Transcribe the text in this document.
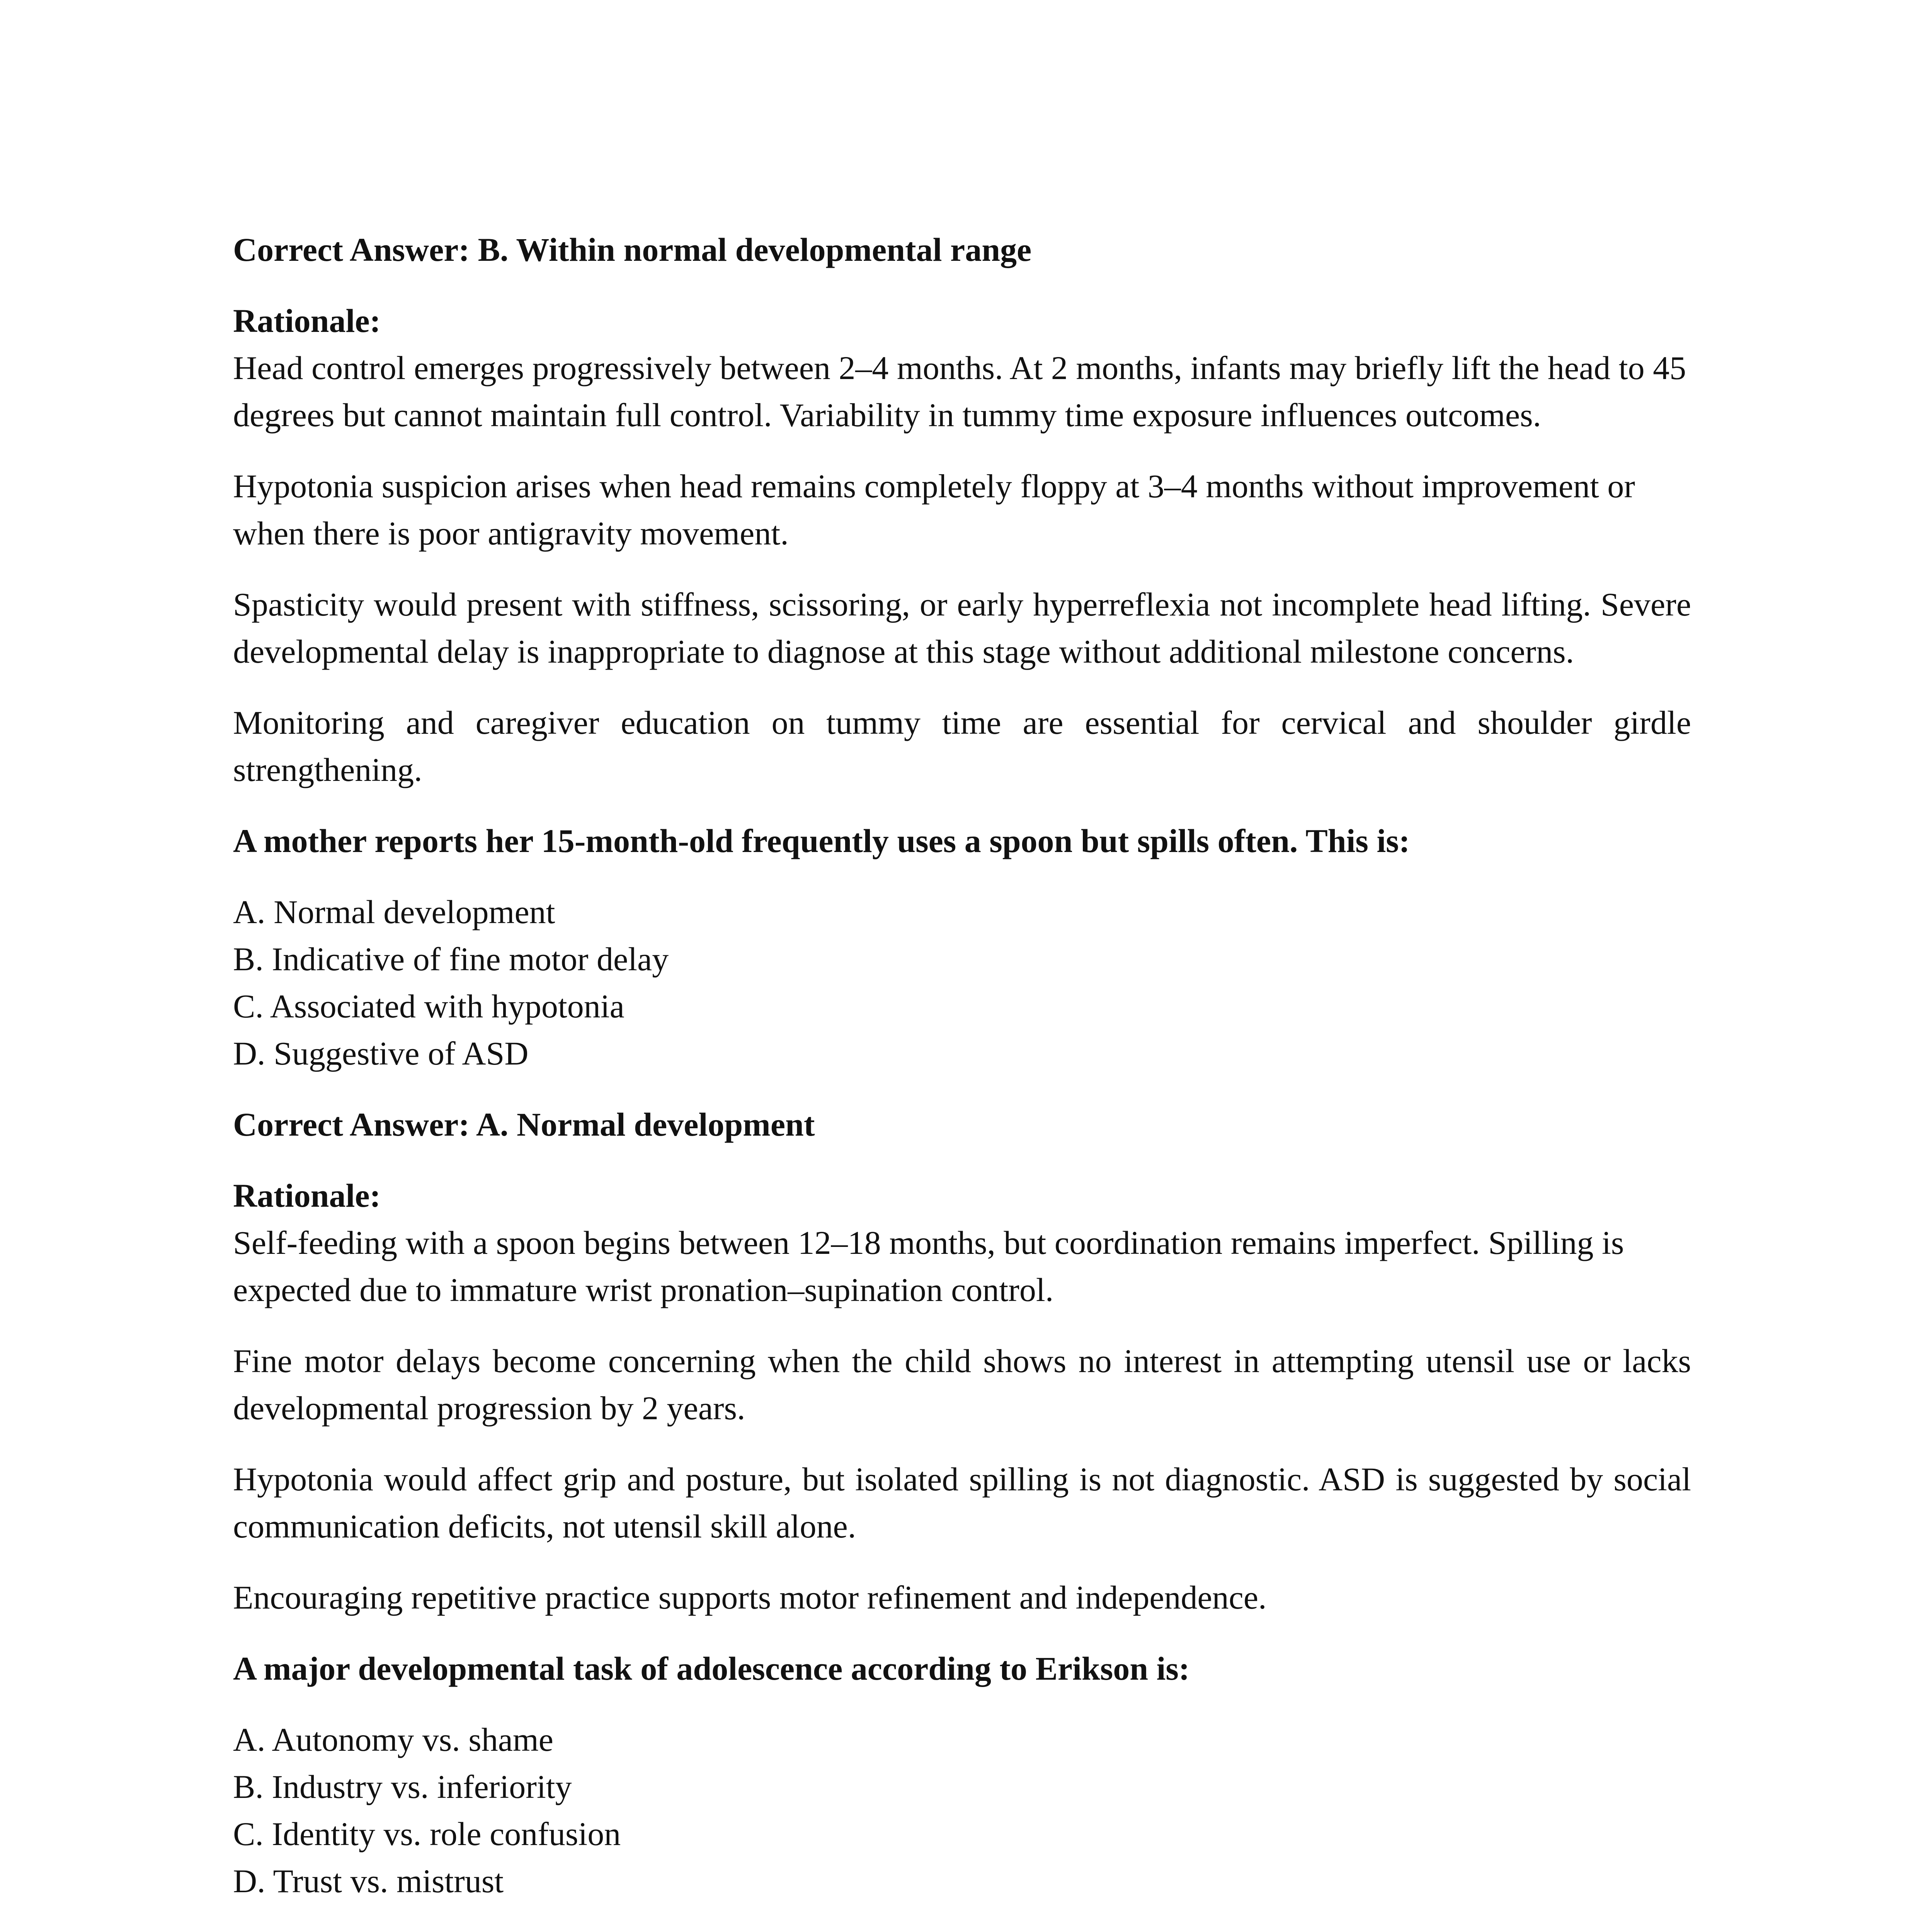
Correct Answer: B. Within normal developmental range

Rationale:

Head control emerges progressively between 2–4 months. At 2 months, infants may briefly lift the head to 45 degrees but cannot maintain full control. Variability in tummy time exposure influences outcomes.

Hypotonia suspicion arises when head remains completely floppy at 3–4 months without improvement or when there is poor antigravity movement.

Spasticity would present with stiffness, scissoring, or early hyperreflexia not incomplete head lifting. Severe developmental delay is inappropriate to diagnose at this stage without additional milestone concerns.

Monitoring and caregiver education on tummy time are essential for cervical and shoulder girdle strengthening.

A mother reports her 15-month-old frequently uses a spoon but spills often. This is:

A. Normal development
B. Indicative of fine motor delay
C. Associated with hypotonia
D. Suggestive of ASD

Correct Answer: A. Normal development

Rationale:

Self-feeding with a spoon begins between 12–18 months, but coordination remains imperfect. Spilling is expected due to immature wrist pronation–supination control.

Fine motor delays become concerning when the child shows no interest in attempting utensil use or lacks developmental progression by 2 years.

Hypotonia would affect grip and posture, but isolated spilling is not diagnostic. ASD is suggested by social communication deficits, not utensil skill alone.

Encouraging repetitive practice supports motor refinement and independence.

A major developmental task of adolescence according to Erikson is:

A. Autonomy vs. shame
B. Industry vs. inferiority
C. Identity vs. role confusion
D. Trust vs. mistrust
